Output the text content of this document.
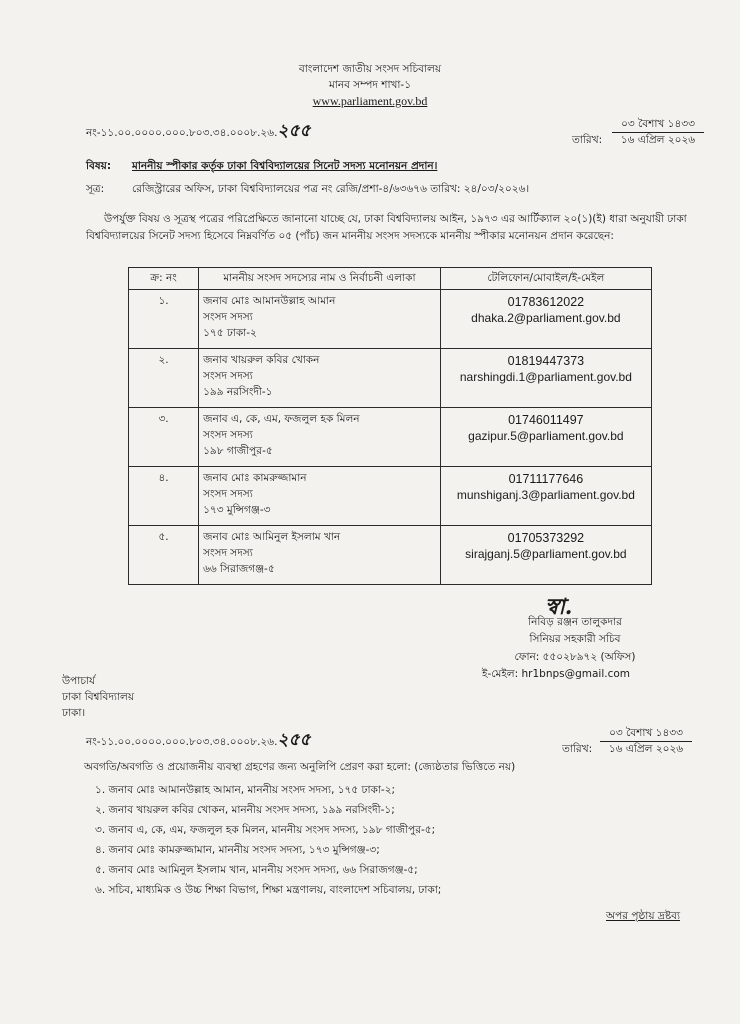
বাংলাদেশ জাতীয় সংসদ সচিবালয়
মানব সম্পদ শাখা-১
www.parliament.gov.bd
নং-১১.০০.০০০০.০০০.৮০৩.৩৪.০০০৮.২৬.২৫৫	তারিখ:
০৩ বৈশাখ ১৪৩৩
১৬ এপ্রিল ২০২৬
বিষয়: মাননীয় স্পীকার কর্তৃক ঢাকা বিশ্ববিদ্যালয়ের সিনেট সদস্য মনোনয়ন প্রদান।
সূত্র:	রেজিস্ট্রারের অফিস, ঢাকা বিশ্ববিদ্যালয়ের পত্র নং রেজি/প্রশা-৪/৬৩৬৭৬ তারিখ: ২৪/০৩/২০২৬।
উপর্যুক্ত বিষয় ও সূত্রস্থ পত্রের পরিপ্রেক্ষিতে জানানো যাচ্ছে যে, ঢাকা বিশ্ববিদ্যালয় আইন, ১৯৭৩ এর আর্টিক্যাল ২০(১)(ই) ধারা অনুযায়ী ঢাকা বিশ্ববিদ্যালয়ের সিনেট সদস্য হিসেবে নিম্নবর্ণিত ০৫ (পাঁচ) জন মাননীয় সংসদ সদস্যকে মাননীয় স্পীকার মনোনয়ন প্রদান করেছেন:
ক্র: নং	মাননীয় সংসদ সদস্যের নাম ও নির্বাচনী এলাকা	টেলিফোন/মোবাইল/ই-মেইল
১.	জনাব মোঃ আমানউল্লাহ আমান
সংসদ সদস্য
১৭৫ ঢাকা-২	01783612022
dhaka.2@parliament.gov.bd

২.	জনাব খায়রুল কবির খোকন
সংসদ সদস্য
১৯৯ নরসিংদী-১	01819447373
narshingdi.1@parliament.gov.bd

৩.	জনাব এ, কে, এম, ফজলুল হক মিলন
সংসদ সদস্য
১৯৮ গাজীপুর-৫	01746011497
gazipur.5@parliament.gov.bd

৪.	জনাব মোঃ কামরুজ্জামান
সংসদ সদস্য
১৭৩ মুন্সিগঞ্জ-৩	01711177646
munshiganj.3@parliament.gov.bd

৫.	জনাব মোঃ আমিনুল ইসলাম খান
সংসদ সদস্য
৬৬ সিরাজগঞ্জ-৫	01705373292
sirajganj.5@parliament.gov.bd
স্বা.
নিবিড় রঞ্জন তালুকদার
সিনিয়র সহকারী সচিব
ফোন: ৫৫০২৮৯৭২ (অফিস)
ই-মেইল: hr1bnps@gmail.com
উপাচার্য
ঢাকা বিশ্ববিদ্যালয়
ঢাকা।
নং-১১.০০.০০০০.০০০.৮০৩.৩৪.০০০৮.২৬.২৫৫	তারিখ:
০৩ বৈশাখ ১৪৩৩
১৬ এপ্রিল ২০২৬
অবগতি/অবগতি ও প্রয়োজনীয় ব্যবস্থা গ্রহণের জন্য অনুলিপি প্রেরণ করা হলো: (জ্যেষ্ঠতার ভিত্তিতে নয়)
১. জনাব মোঃ আমানউল্লাহ আমান, মাননীয় সংসদ সদস্য, ১৭৫ ঢাকা-২;
২. জনাব খায়রুল কবির খোকন, মাননীয় সংসদ সদস্য, ১৯৯ নরসিংদী-১;
৩. জনাব এ, কে, এম, ফজলুল হক মিলন, মাননীয় সংসদ সদস্য, ১৯৮ গাজীপুর-৫;
৪. জনাব মোঃ কামরুজ্জামান, মাননীয় সংসদ সদস্য, ১৭৩ মুন্সিগঞ্জ-৩;
৫. জনাব মোঃ আমিনুল ইসলাম খান, মাননীয় সংসদ সদস্য, ৬৬ সিরাজগঞ্জ-৫;
৬. সচিব, মাধ্যমিক ও উচ্চ শিক্ষা বিভাগ, শিক্ষা মন্ত্রণালয়, বাংলাদেশ সচিবালয়, ঢাকা;
অপর পৃষ্ঠায় দ্রষ্টব্য
